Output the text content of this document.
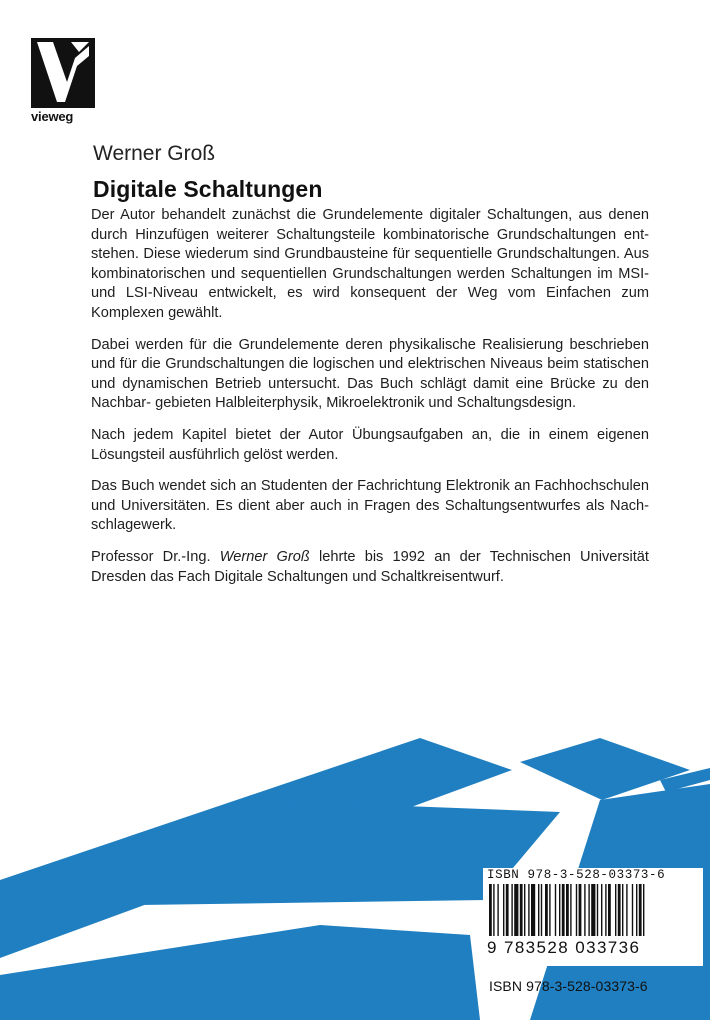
vieweg
Werner Groß
Digitale Schaltungen

Der Autor behandelt zunächst die Grundelemente digitaler Schaltungen, aus denen durch Hinzufügen weiterer Schaltungsteile kombinatorische Grundschaltungen ent- stehen. Diese wiederum sind Grundbausteine für sequentielle Grundschaltungen. Aus kombinatorischen und sequentiellen Grundschaltungen werden Schaltungen im MSI- und LSI-Niveau entwickelt, es wird konsequent der Weg vom Einfachen zum Komplexen gewählt.

Dabei werden für die Grundelemente deren physikalische Realisierung beschrieben und für die Grundschaltungen die logischen und elektrischen Niveaus beim statischen und dynamischen Betrieb untersucht. Das Buch schlägt damit eine Brücke zu den Nachbar- gebieten Halbleiterphysik, Mikroelektronik und Schaltungsdesign.

Nach jedem Kapitel bietet der Autor Übungsaufgaben an, die in einem eigenen Lösungsteil ausführlich gelöst werden.

Das Buch wendet sich an Studenten der Fachrichtung Elektronik an Fachhochschulen und Universitäten. Es dient aber auch in Fragen des Schaltungsentwurfes als Nach- schlagewerk.

Professor Dr.-Ing. Werner Groß lehrte bis 1992 an der Technischen Universität Dresden das Fach Digitale Schaltungen und Schaltkreisentwurf.

ISBN 978-3-528-03373-6
9 783528 033736
ISBN 978-3-528-03373-6
